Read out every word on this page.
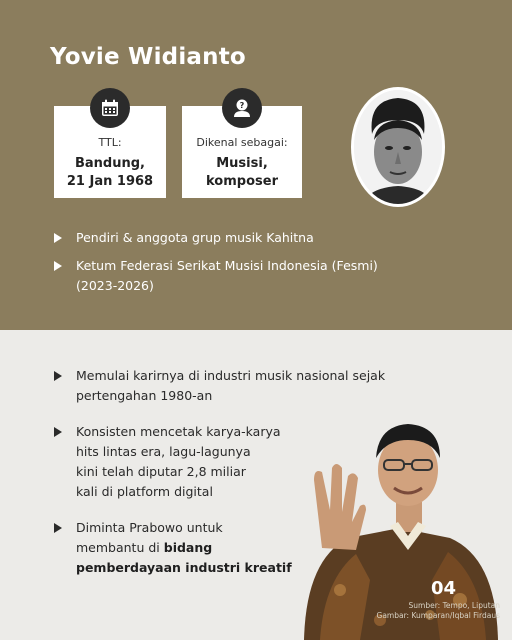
Yovie Widianto
TTL:
Bandung,
21 Jan 1968
?
Dikenal sebagai:
Musisi,
komposer
Pendiri & anggota grup musik Kahitna
Ketum Federasi Serikat Musisi Indonesia (Fesmi)
(2023-2026)
Memulai karirnya di industri musik nasional sejak
pertengahan 1980-an
Konsisten mencetak karya-karya
hits lintas era, lagu-lagunya
kini telah diputar 2,8 miliar
kali di platform digital
Diminta Prabowo untuk
membantu di bidang
pemberdayaan industri kreatif
04
Sumber: Tempo, Liputan
Gambar: Kumparan/Iqbal Firdaus
